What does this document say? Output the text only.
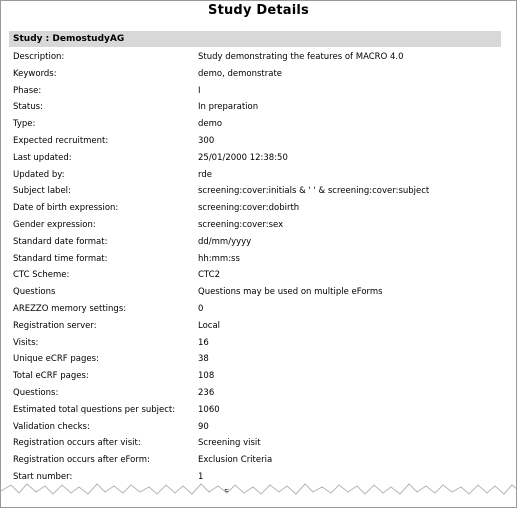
Study Details
Study : DemostudyAG
Description:	Study demonstrating the features of MACRO 4.0
Keywords:	demo, demonstrate
Phase:	I
Status:	In preparation
Type:	demo
Expected recruitment:	300
Last updated:	25/01/2000 12:38:50
Updated by:	rde
Subject label:	screening:cover:initials & ' ' & screening:cover:subject
Date of birth expression:	screening:cover:dobirth
Gender expression:	screening:cover:sex
Standard date format:	dd/mm/yyyy
Standard time format:	hh:mm:ss
CTC Scheme:	CTC2
Questions	Questions may be used on multiple eForms
AREZZO memory settings:	0
Registration server:	Local
Visits:	16
Unique eCRF pages:	38
Total eCRF pages:	108
Questions:	236
Estimated total questions per subject:	1060
Validation checks:	90
Registration occurs after visit:	Screening visit
Registration occurs after eForm:	Exclusion Criteria
Start number:	1
